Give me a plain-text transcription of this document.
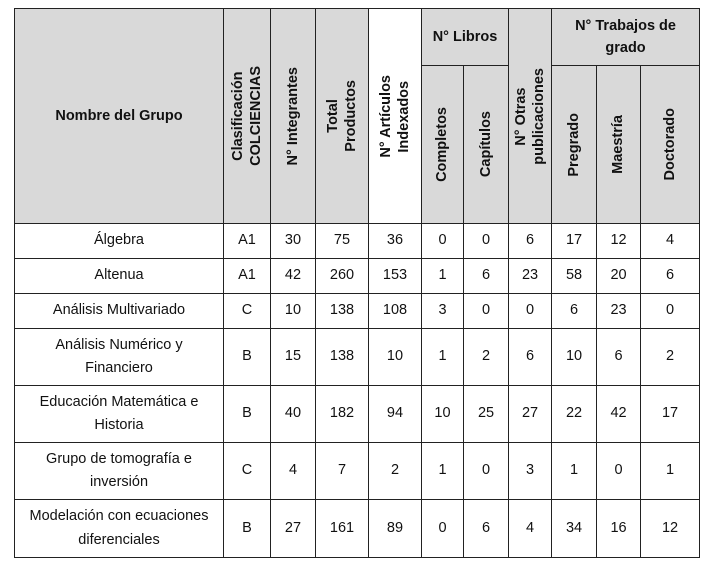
Nombre del Grupo	Clasificación COLCIENCIAS	N° Integrantes	Total Productos	N° Artículos Indexados	N° Libros		N° Otras publicaciones	N° Trabajos de grado		

					Completos	Capítulos		Pregrado	Maestría	Doctorado

Álgebra	A1	30	75	36	0	0	6	17	12	4
Altenua	A1	42	260	153	1	6	23	58	20	6
Análisis Multivariado	C	10	138	108	3	0	0	6	23	0
Análisis Numérico y Financiero	B	15	138	10	1	2	6	10	6	2
Educación Matemática e Historia	B	40	182	94	10	25	27	22	42	17
Grupo de tomografía e inversión	C	4	7	2	1	0	3	1	0	1
Modelación con ecuaciones diferenciales	B	27	161	89	0	6	4	34	16	12
